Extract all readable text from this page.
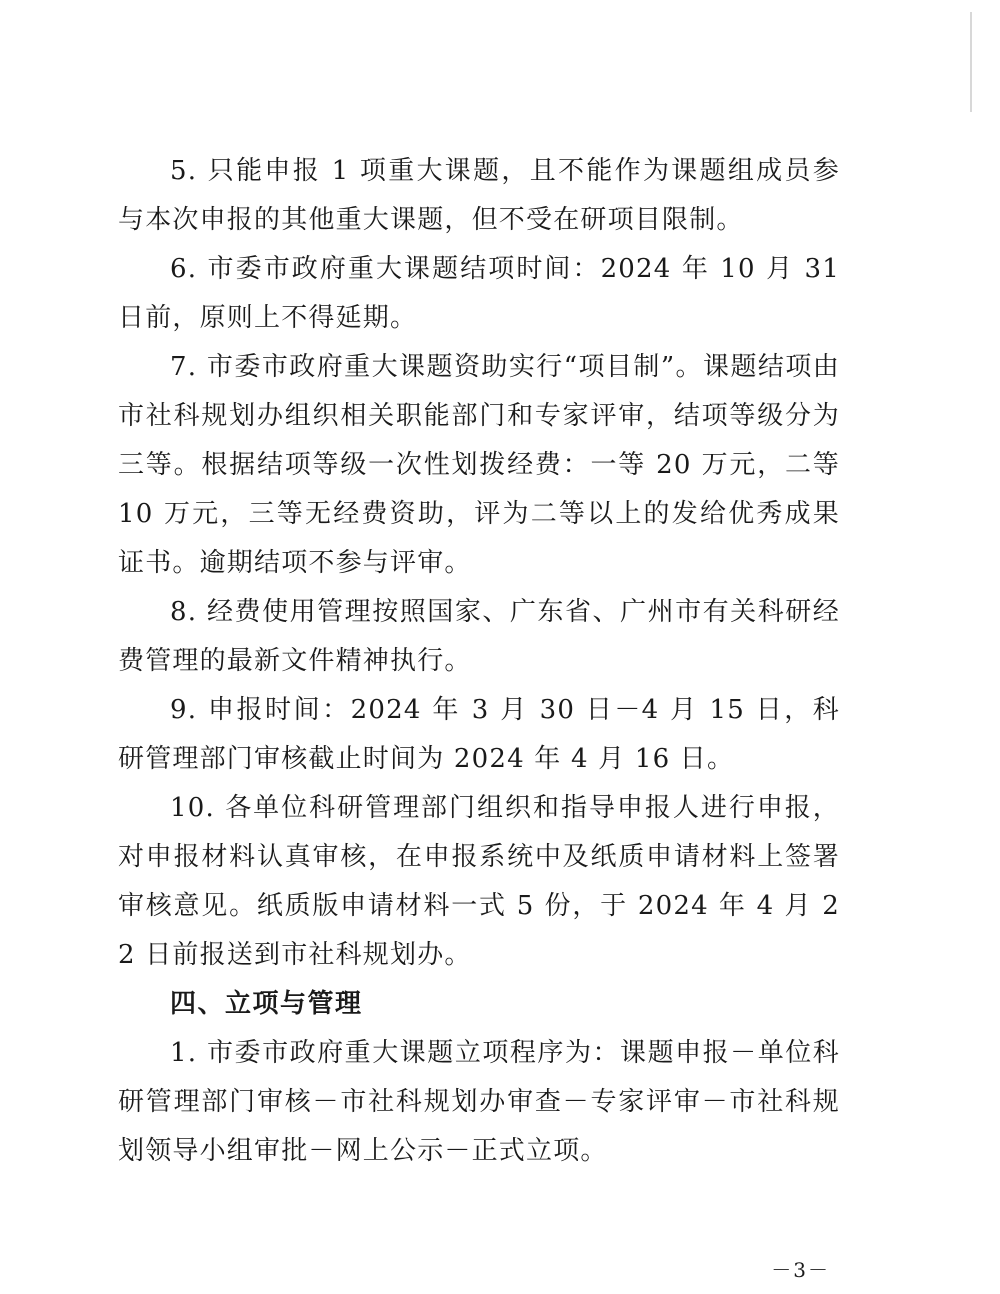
5. 只能申报 1 项重大课题，且不能作为课题组成员参与本次申报的其他重大课题，但不受在研项目限制。

6. 市委市政府重大课题结项时间：2024 年 10 月 31 日前，原则上不得延期。

7. 市委市政府重大课题资助实行“项目制”。课题结项由市社科规划办组织相关职能部门和专家评审，结项等级分为三等。根据结项等级一次性划拨经费：一等 20 万元，二等 10 万元，三等无经费资助，评为二等以上的发给优秀成果证书。逾期结项不参与评审。

8. 经费使用管理按照国家、广东省、广州市有关科研经费管理的最新文件精神执行。

9. 申报时间：2024 年 3 月 30 日－4 月 15 日，科研管理部门审核截止时间为 2024 年 4 月 16 日。

10. 各单位科研管理部门组织和指导申报人进行申报，对申报材料认真审核，在申报系统中及纸质申请材料上签署审核意见。纸质版申请材料一式 5 份，于 2024 年 4 月 22 日前报送到市社科规划办。

四、立项与管理

1. 市委市政府重大课题立项程序为：课题申报－单位科研管理部门审核－市社科规划办审查－专家评审－市社科规划领导小组审批－网上公示－正式立项。

－3－
